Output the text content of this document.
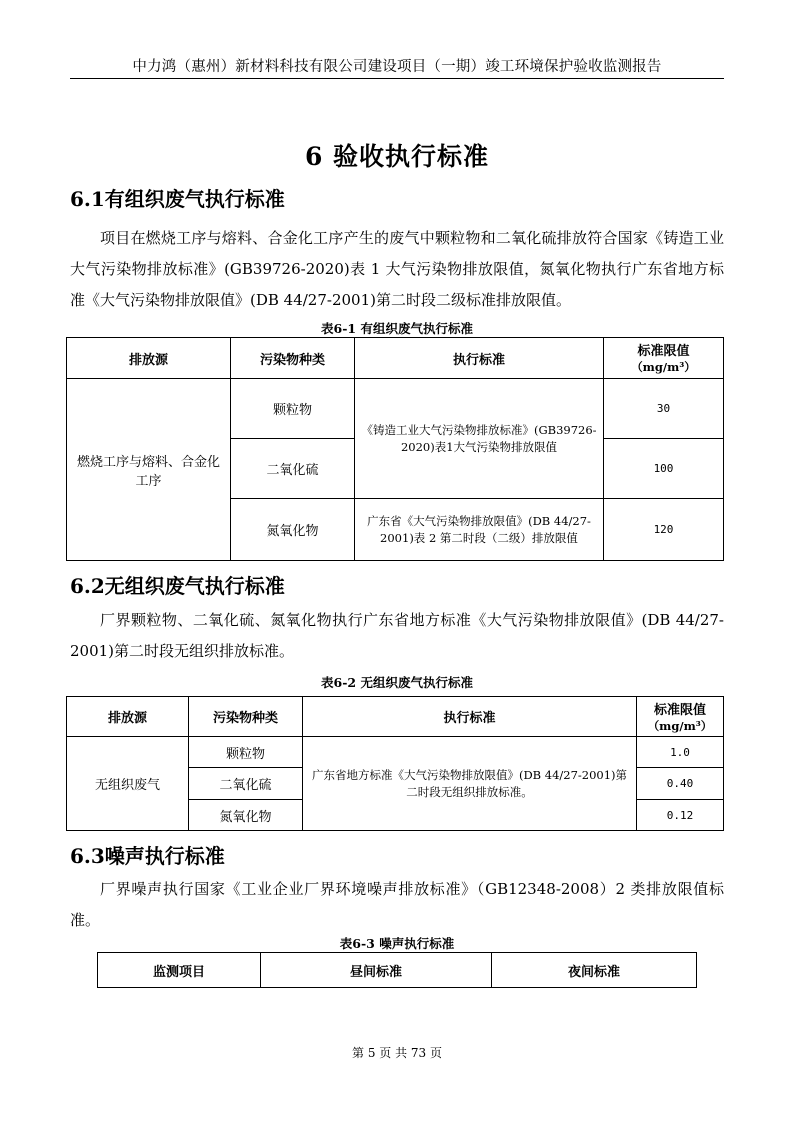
中力鸿（惠州）新材料科技有限公司建设项目（一期）竣工环境保护验收监测报告
6 验收执行标准
6.1有组织废气执行标准
项目在燃烧工序与熔料、合金化工序产生的废气中颗粒物和二氧化硫排放符合国家《铸造工业大气污染物排放标准》(GB39726-2020)表 1 大气污染物排放限值，氮氧化物执行广东省地方标准《大气污染物排放限值》(DB 44/27-2001)第二时段二级标准排放限值。
表6-1 有组织废气执行标准
排放源	污染物种类	执行标准	标准限值
（mg/m³）

燃烧工序与熔料、合金化工序	颗粒物	《铸造工业大气污染物排放标准》(GB39726-2020)表1大气污染物排放限值	30
	二氧化硫		100
	氮氧化物	广东省《大气污染物排放限值》(DB 44/27-2001)表 2 第二时段（二级）排放限值	120
6.2无组织废气执行标准
厂界颗粒物、二氧化硫、氮氧化物执行广东省地方标准《大气污染物排放限值》(DB 44/27-2001)第二时段无组织排放标准。
表6-2 无组织废气执行标准
排放源	污染物种类	执行标准	标准限值
（mg/m³）

无组织废气	颗粒物	广东省地方标准《大气污染物排放限值》(DB 44/27-2001)第二时段无组织排放标准。	1.0
	二氧化硫		0.40
	氮氧化物		0.12
6.3噪声执行标准
厂界噪声执行国家《工业企业厂界环境噪声排放标准》（GB12348-2008）2 类排放限值标准。
表6-3 噪声执行标准
监测项目	昼间标准	夜间标准
第 5 页 共 73 页
